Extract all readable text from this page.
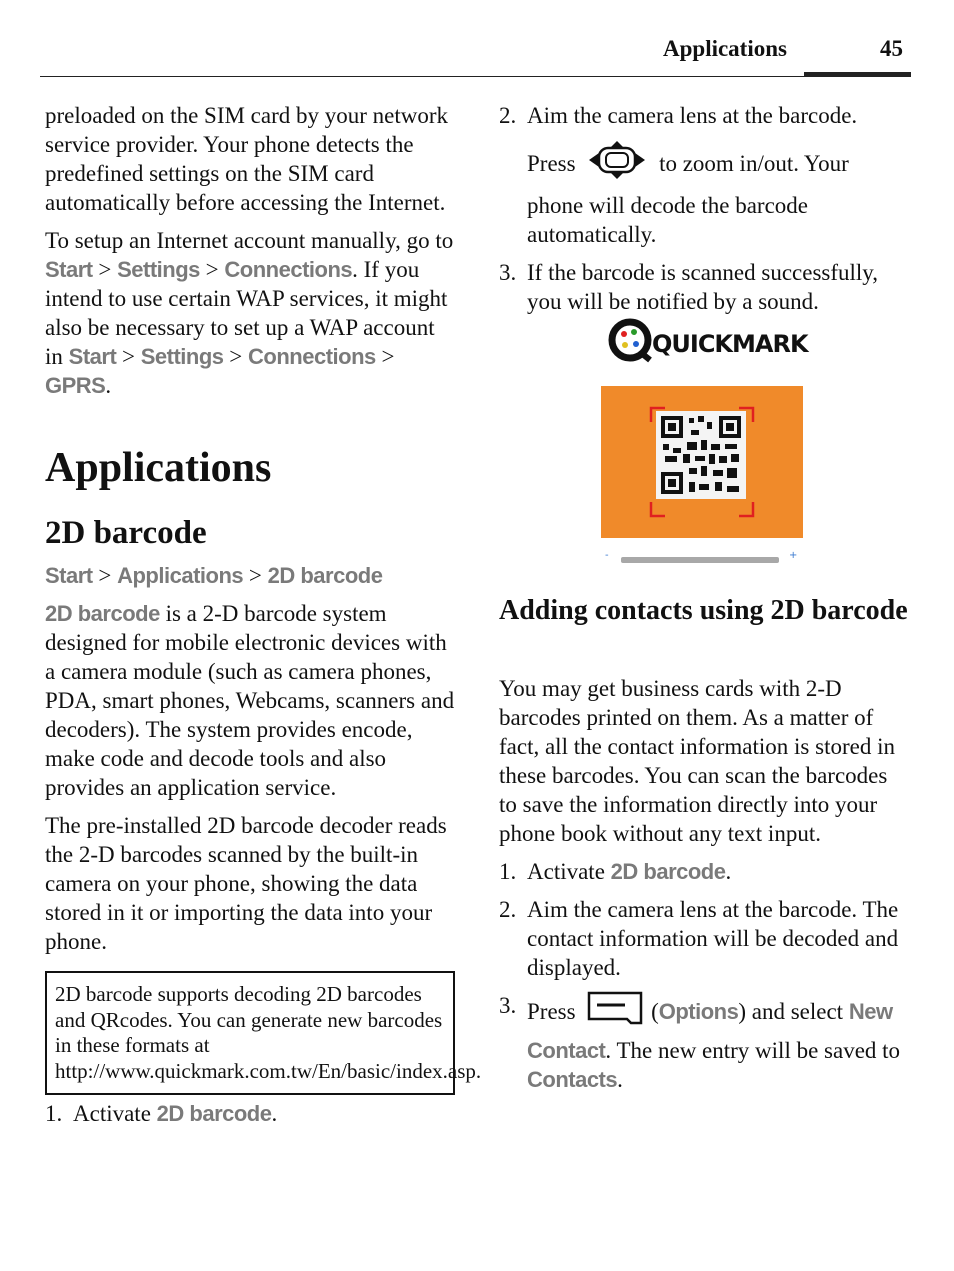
Applications	45

preloaded on the SIM card by your network service provider. Your phone detects the predefined settings on the SIM card automatically before accessing the Internet.

To setup an Internet account manually, go to Start > Settings > Connections. If you intend to use certain WAP services, it might also be necessary to set up a WAP account in Start > Settings > Connections > GPRS.

Applications
2D barcode

Start > Applications > 2D barcode

2D barcode is a 2-D barcode system designed for mobile electronic devices with a camera module (such as camera phones, PDA, smart phones, Webcams, scanners and decoders). The system provides encode, make code and decode tools and also provides an application service.

The pre-installed 2D barcode decoder reads the 2-D barcodes scanned by the built-in camera on your phone, showing the data stored in it or importing the data into your phone.

2D barcode supports decoding 2D barcodes and QRcodes. You can generate new barcodes in these formats at http://www.quickmark.com.tw/En/basic/index.asp.
1. Activate 2D barcode.
2. Aim the camera lens at the barcode.
Press	to zoom in/out. Your phone will decode the barcode automatically.
3. If the barcode is scanned successfully, you will be notified by a sound.
Adding contacts using 2D barcode

You may get business cards with 2-D barcodes printed on them. As a matter of fact, all the contact information is stored in these barcodes. You can scan the barcodes to save the information directly into your phone book without any text input.

1. Activate 2D barcode.
2. Aim the camera lens at the barcode. The contact information will be decoded and displayed.
3. Press	(Options) and select New Contact. The new entry will be saved to Contacts.
QUICKMARK
-	+
